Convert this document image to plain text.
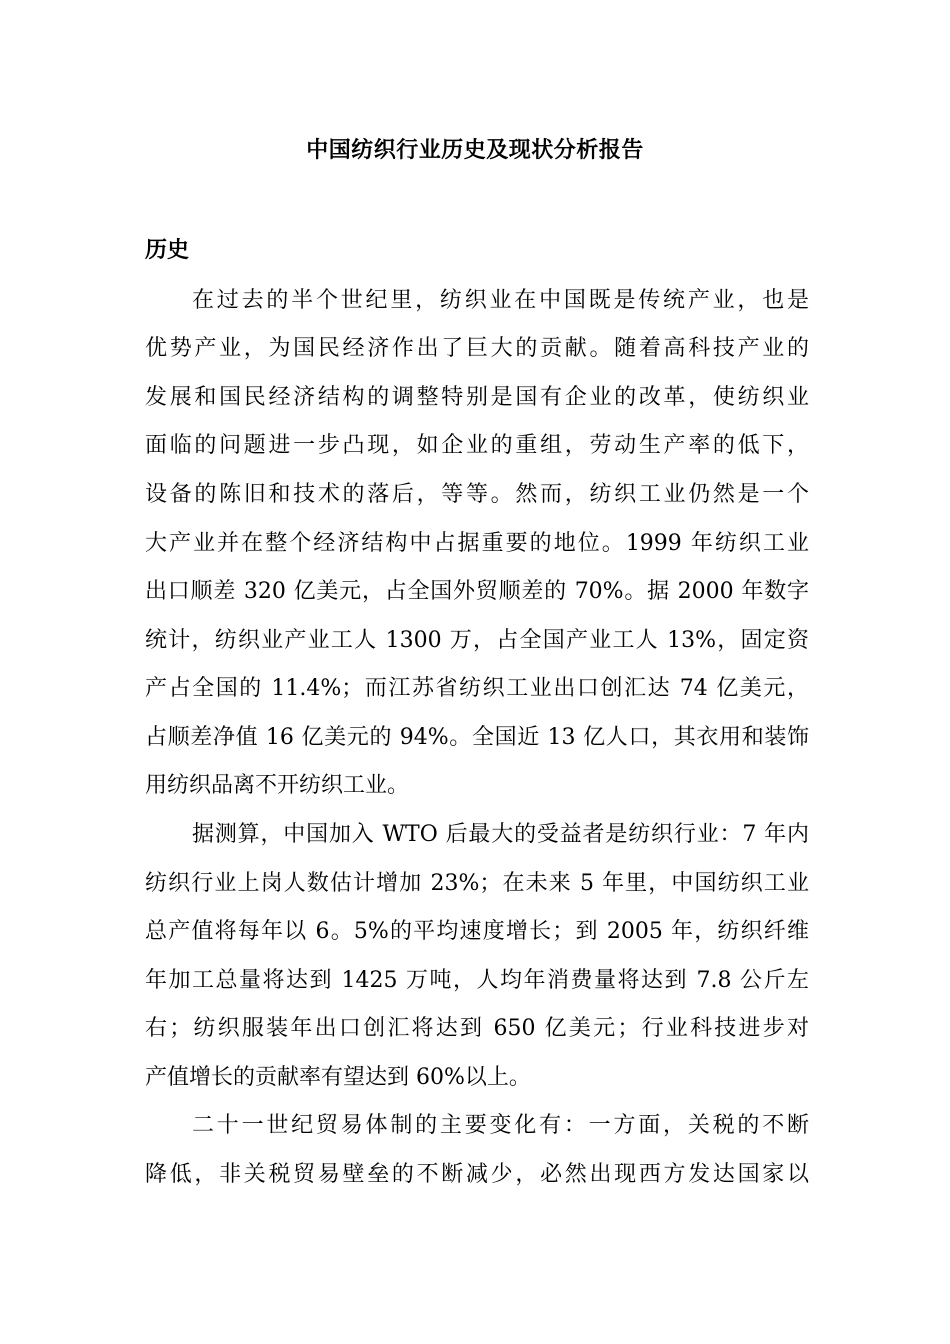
中国纺织行业历史及现状分析报告
历史
在过去的半个世纪里，纺织业在中国既是传统产业，也是
优势产业，为国民经济作出了巨大的贡献。随着高科技产业的
发展和国民经济结构的调整特别是国有企业的改革，使纺织业
面临的问题进一步凸现，如企业的重组，劳动生产率的低下，
设备的陈旧和技术的落后，等等。然而，纺织工业仍然是一个
大产业并在整个经济结构中占据重要的地位。1999 年纺织工业
出口顺差 320 亿美元，占全国外贸顺差的 70%。据 2000 年数字
统计，纺织业产业工人 1300 万，占全国产业工人 13%，固定资
产占全国的 11.4%；而江苏省纺织工业出口创汇达 74 亿美元，
占顺差净值 16 亿美元的 94%。全国近 13 亿人口，其衣用和装饰
用纺织品离不开纺织工业。
据测算，中国加入 WTO 后最大的受益者是纺织行业：7 年内
纺织行业上岗人数估计增加 23%；在未来 5 年里，中国纺织工业
总产值将每年以 6。5%的平均速度增长；到 2005 年，纺织纤维
年加工总量将达到 1425 万吨，人均年消费量将达到 7.8 公斤左
右；纺织服装年出口创汇将达到 650 亿美元；行业科技进步对
产值增长的贡献率有望达到 60%以上。
二十一世纪贸易体制的主要变化有：一方面，关税的不断
降低，非关税贸易壁垒的不断减少，必然出现西方发达国家以
